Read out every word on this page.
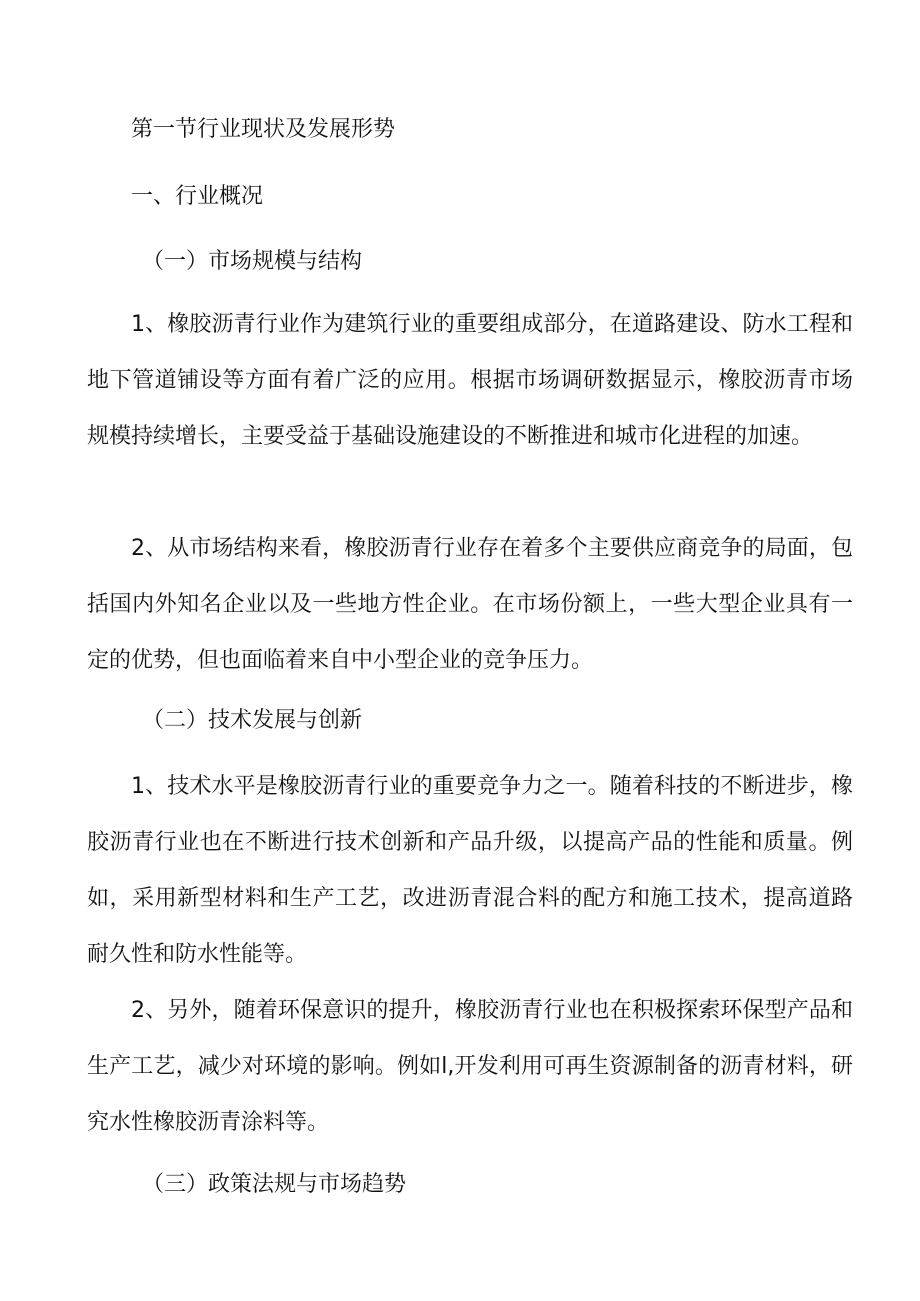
第一节行业现状及发展形势
一、行业概况
（一）市场规模与结构
1、橡胶沥青行业作为建筑行业的重要组成部分，在道路建设、防水工程和地下管道铺设等方面有着广泛的应用。根据市场调研数据显示，橡胶沥青市场规模持续增长，主要受益于基础设施建设的不断推进和城市化进程的加速。
2、从市场结构来看，橡胶沥青行业存在着多个主要供应商竞争的局面，包括国内外知名企业以及一些地方性企业。在市场份额上，一些大型企业具有一定的优势，但也面临着来自中小型企业的竞争压力。
（二）技术发展与创新
1、技术水平是橡胶沥青行业的重要竞争力之一。随着科技的不断进步，橡胶沥青行业也在不断进行技术创新和产品升级，以提高产品的性能和质量。例如，采用新型材料和生产工艺，改进沥青混合料的配方和施工技术，提高道路耐久性和防水性能等。
2、另外，随着环保意识的提升，橡胶沥青行业也在积极探索环保型产品和生产工艺，减少对环境的影响。例如l,开发利用可再生资源制备的沥青材料，研究水性橡胶沥青涂料等。
（三）政策法规与市场趋势
